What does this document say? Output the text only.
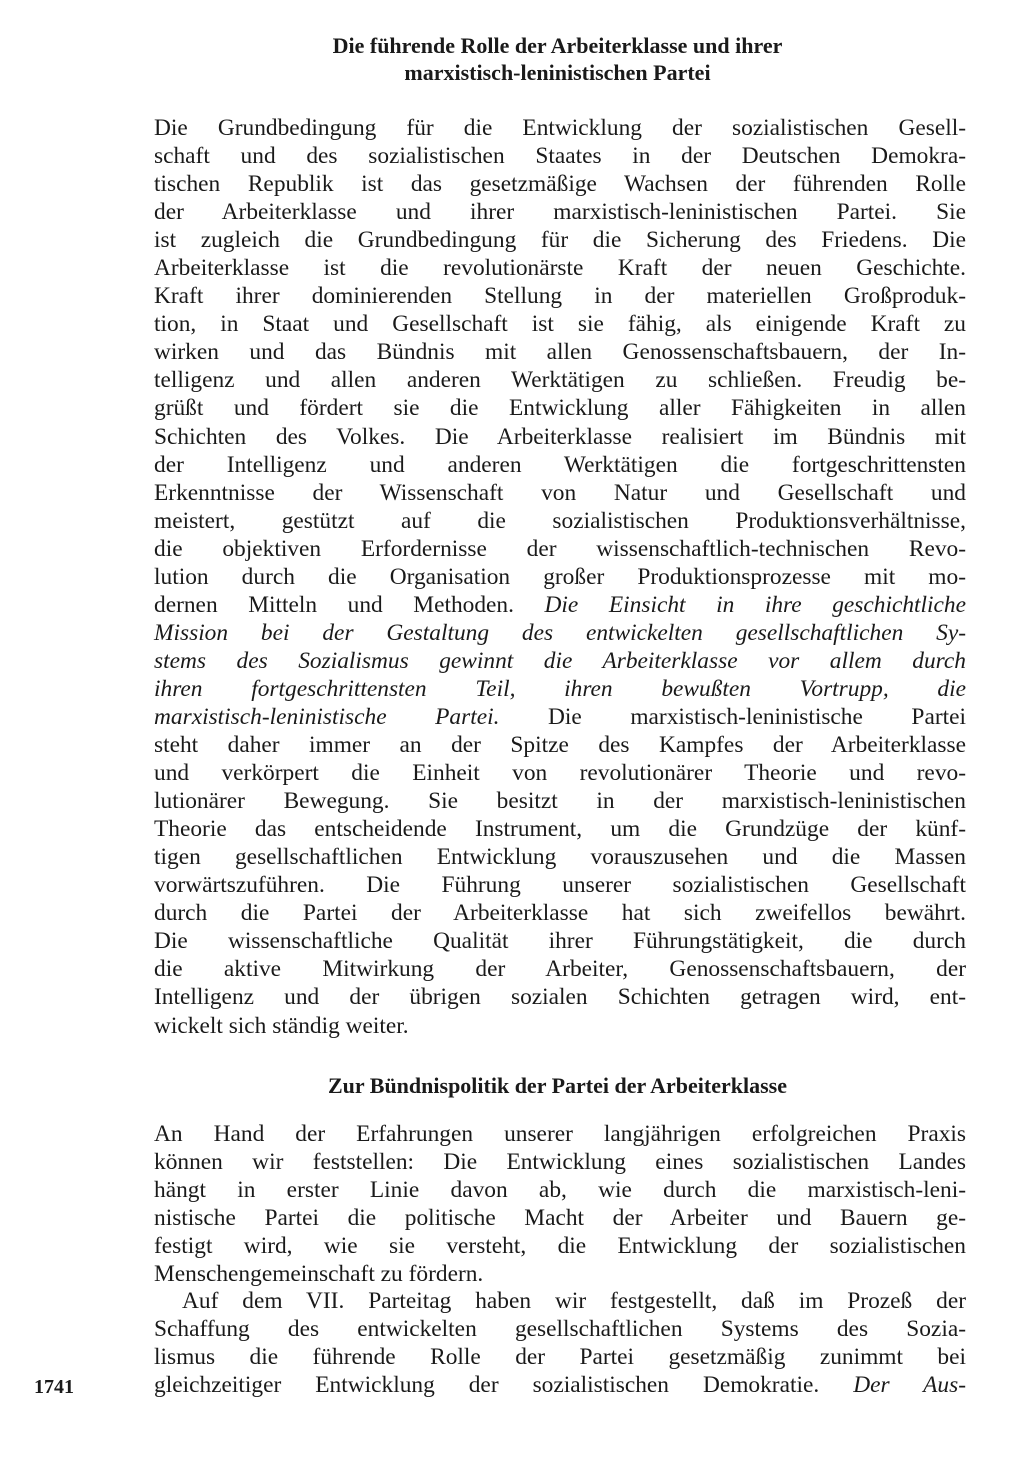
Die führende Rolle der Arbeiterklasse und ihrer
marxistisch-leninistischen Partei
Die Grundbedingung für die Entwicklung der sozialistischen Gesell-
schaft und des sozialistischen Staates in der Deutschen Demokra-
tischen Republik ist das gesetzmäßige Wachsen der führenden Rolle
der Arbeiterklasse und ihrer marxistisch-leninistischen Partei. Sie
ist zugleich die Grundbedingung für die Sicherung des Friedens. Die
Arbeiterklasse ist die revolutionärste Kraft der neuen Geschichte.
Kraft ihrer dominierenden Stellung in der materiellen Großproduk-
tion, in Staat und Gesellschaft ist sie fähig, als einigende Kraft zu
wirken und das Bündnis mit allen Genossenschaftsbauern, der In-
telligenz und allen anderen Werktätigen zu schließen. Freudig be-
grüßt und fördert sie die Entwicklung aller Fähigkeiten in allen
Schichten des Volkes. Die Arbeiterklasse realisiert im Bündnis mit
der Intelligenz und anderen Werktätigen die fortgeschrittensten
Erkenntnisse der Wissenschaft von Natur und Gesellschaft und
meistert, gestützt auf die sozialistischen Produktionsverhältnisse,
die objektiven Erfordernisse der wissenschaftlich-technischen Revo-
lution durch die Organisation großer Produktionsprozesse mit mo-
dernen Mitteln und Methoden. Die Einsicht in ihre geschichtliche
Mission bei der Gestaltung des entwickelten gesellschaftlichen Sy-
stems des Sozialismus gewinnt die Arbeiterklasse vor allem durch
ihren fortgeschrittensten Teil, ihren bewußten Vortrupp, die
marxistisch-leninistische Partei. Die marxistisch-leninistische Partei
steht daher immer an der Spitze des Kampfes der Arbeiterklasse
und verkörpert die Einheit von revolutionärer Theorie und revo-
lutionärer Bewegung. Sie besitzt in der marxistisch-leninistischen
Theorie das entscheidende Instrument, um die Grundzüge der künf-
tigen gesellschaftlichen Entwicklung vorauszusehen und die Massen
vorwärtszuführen. Die Führung unserer sozialistischen Gesellschaft
durch die Partei der Arbeiterklasse hat sich zweifellos bewährt.
Die wissenschaftliche Qualität ihrer Führungstätigkeit, die durch
die aktive Mitwirkung der Arbeiter, Genossenschaftsbauern, der
Intelligenz und der übrigen sozialen Schichten getragen wird, ent-
wickelt sich ständig weiter.
Zur Bündnispolitik der Partei der Arbeiterklasse
An Hand der Erfahrungen unserer langjährigen erfolgreichen Praxis
können wir feststellen: Die Entwicklung eines sozialistischen Landes
hängt in erster Linie davon ab, wie durch die marxistisch-leni-
nistische Partei die politische Macht der Arbeiter und Bauern ge-
festigt wird, wie sie versteht, die Entwicklung der sozialistischen
Menschengemeinschaft zu fördern.
Auf dem VII. Parteitag haben wir festgestellt, daß im Prozeß der
Schaffung des entwickelten gesellschaftlichen Systems des Sozia-
lismus die führende Rolle der Partei gesetzmäßig zunimmt bei
gleichzeitiger Entwicklung der sozialistischen Demokratie. Der Aus-

1741
